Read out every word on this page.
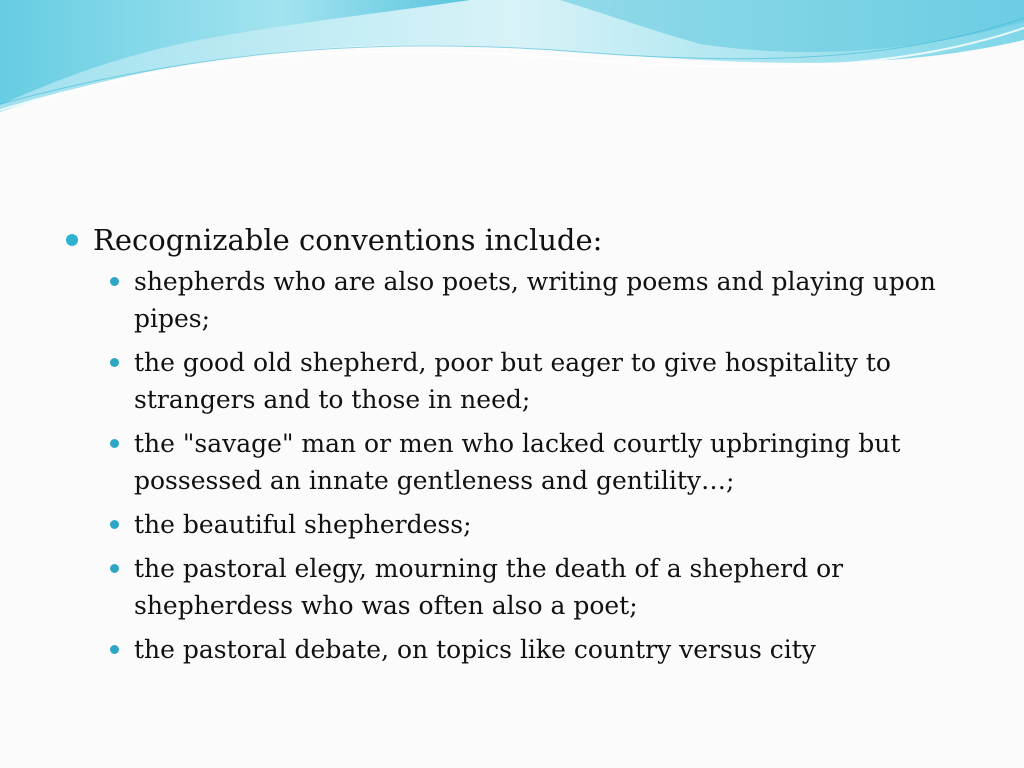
Recognizable conventions include:
shepherds who are also poets, writing poems and playing upon pipes;
the good old shepherd, poor but eager to give hospitality to strangers and to those in need;
the "savage" man or men who lacked courtly upbringing but possessed an innate gentleness and gentility…;
the beautiful shepherdess;
the pastoral elegy, mourning the death of a shepherd or shepherdess who was often also a poet;
the pastoral debate, on topics like country versus city
